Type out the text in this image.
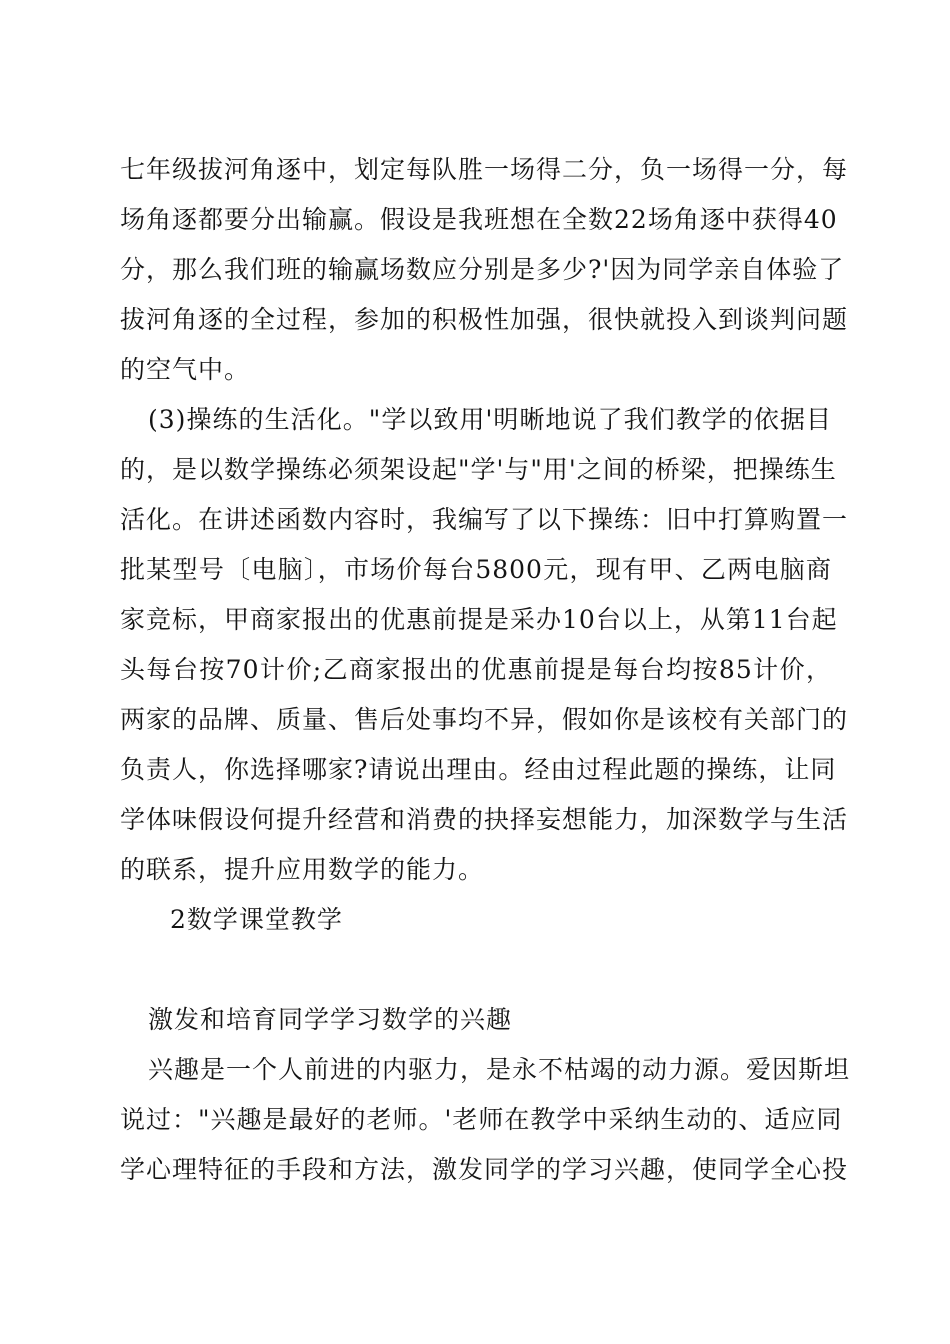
七年级拔河角逐中，划定每队胜一场得二分，负一场得一分，每
场角逐都要分出输赢。假设是我班想在全数22场角逐中获得40
分，那么我们班的输赢场数应分别是多少?'因为同学亲自体验了
拔河角逐的全过程，参加的积极性加强，很快就投入到谈判问题
的空气中。
(3)操练的生活化。"学以致用'明晰地说了我们教学的依据目
的，是以数学操练必须架设起"学'与"用'之间的桥梁，把操练生
活化。在讲述函数内容时，我编写了以下操练：旧中打算购置一
批某型号〔电脑〕，市场价每台5800元，现有甲、乙两电脑商
家竞标，甲商家报出的优惠前提是采办10台以上，从第11台起
头每台按70计价;乙商家报出的优惠前提是每台均按85计价，
两家的品牌、质量、售后处事均不异，假如你是该校有关部门的
负责人，你选择哪家?请说出理由。经由过程此题的操练，让同
学体味假设何提升经营和消费的抉择妄想能力，加深数学与生活
的联系，提升应用数学的能力。
2数学课堂教学
激发和培育同学学习数学的兴趣
兴趣是一个人前进的内驱力，是永不枯竭的动力源。爱因斯坦
说过："兴趣是最好的老师。'老师在教学中采纳生动的、适应同
学心理特征的手段和方法，激发同学的学习兴趣，使同学全心投
